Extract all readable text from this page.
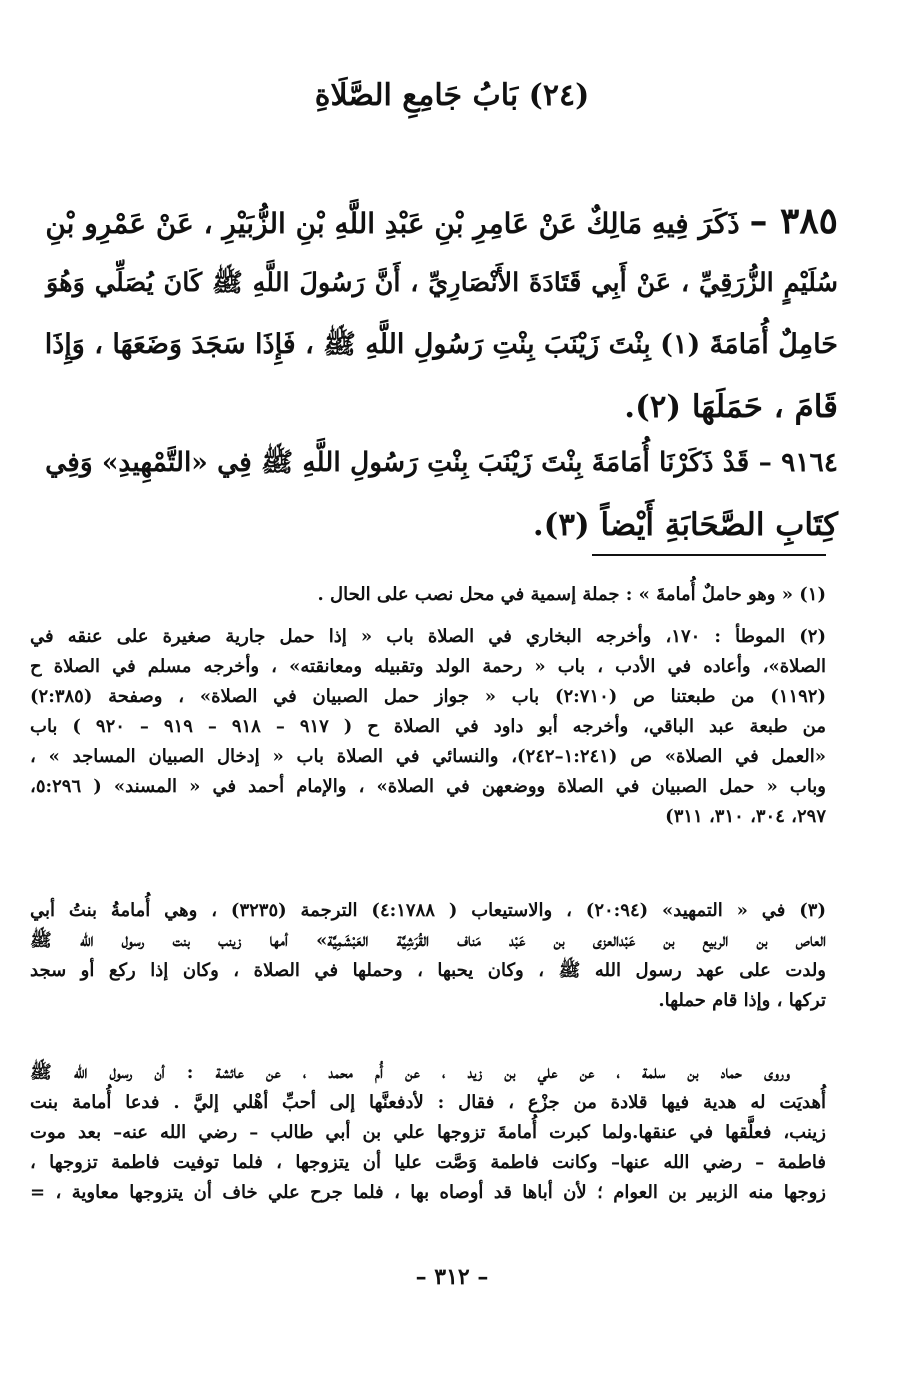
(٢٤) بَابُ جَامِعِ الصَّلَاةِ
٣٨٥ – ذَكَرَ فِيهِ مَالِكٌ عَنْ عَامِرِ بْنِ عَبْدِ اللَّهِ بْنِ الزُّبَيْرِ ، عَنْ عَمْرِو بْنِ
سُلَيْمٍ الزُّرَقِيِّ ، عَنْ أَبِي قَتَادَةَ الأَنْصَارِيِّ ، أَنَّ رَسُولَ اللَّهِ ﷺ كَانَ يُصَلِّي وَهُوَ
حَامِلٌ أُمَامَةَ (١) بِنْتَ زَيْنَبَ بِنْتِ رَسُولِ اللَّهِ ﷺ ، فَإِذَا سَجَدَ وَضَعَهَا ، وَإِذَا
قَامَ ، حَمَلَهَا (٢).
٩١٦٤ – قَدْ ذَكَرْنَا أُمَامَةَ بِنْتَ زَيْنَبَ بِنْتِ رَسُولِ اللَّهِ ﷺ فِي «التَّمْهِيدِ» وَفِي
كِتَابِ الصَّحَابَةِ أَيْضاً (٣).
(١) « وهو حاملٌ أُمامةَ » : جملة إسمية في محل نصب على الحال .
(٢) الموطأ : ١٧٠، وأخرجه البخاري في الصلاة باب « إذا حمل جارية صغيرة على عنقه في
الصلاة»، وأعاده في الأدب ، باب « رحمة الولد وتقبيله ومعانقته» ، وأخرجه مسلم في الصلاة ح
(١١٩٢) من طبعتنا ص (٢:٧١٠) باب « جواز حمل الصبيان في الصلاة» ، وصفحة (٢:٣٨٥)
من طبعة عبد الباقي، وأخرجه أبو داود في الصلاة ح ( ٩١٧ – ٩١٨ – ٩١٩ – ٩٢٠ ) باب
«العمل في الصلاة» ص (١:٢٤١–٢٤٢)، والنسائي في الصلاة باب « إدخال الصبيان المساجد » ،
وباب « حمل الصبيان في الصلاة ووضعهن في الصلاة» ، والإمام أحمد في « المسند» ( ٥:٢٩٦،
٢٩٧، ٣٠٤، ٣١٠، ٣١١)
(٣) في « التمهيد» (٢٠:٩٤) ، والاستيعاب ( ٤:١٧٨٨) الترجمة (٣٢٣٥) ، وهي أُمامةُ بنتُ أبي
العاص بن الربيع بن عَبْدالعزى بن عَبْد مَناف القُرَشِيَّة العَبْشَمِيَّة» أمها زينب بنت رسول الله ﷺ
ولدت على عهد رسول الله ﷺ ، وكان يحبها ، وحملها في الصلاة ، وكان إذا ركع أو سجد
تركها ، وإذا قام حملها.
وروى حماد بن سلمة ، عن علي بن زيد ، عن أُم محمد ، عن عائشة : أن رسول الله ﷺ
أُهديَت له هدية فيها قلادة من جزْع ، فقال : لأدفعنَّها إلى أحبِّ أهْلي إليَّ . فدعا أُمامة بنت
زينب، فعلَّقها في عنقها.ولما كبرت أُمامةَ تزوجها علي بن أبي طالب – رضي الله عنه– بعد موت
فاطمة – رضي الله عنها– وكانت فاطمة وَصَّت عليا أن يتزوجها ، فلما توفيت فاطمة تزوجها ،
زوجها منه الزبير بن العوام ؛ لأن أباها قد أوصاه بها ، فلما جرح علي خاف أن يتزوجها معاوية ، =
– ٣١٢ –
